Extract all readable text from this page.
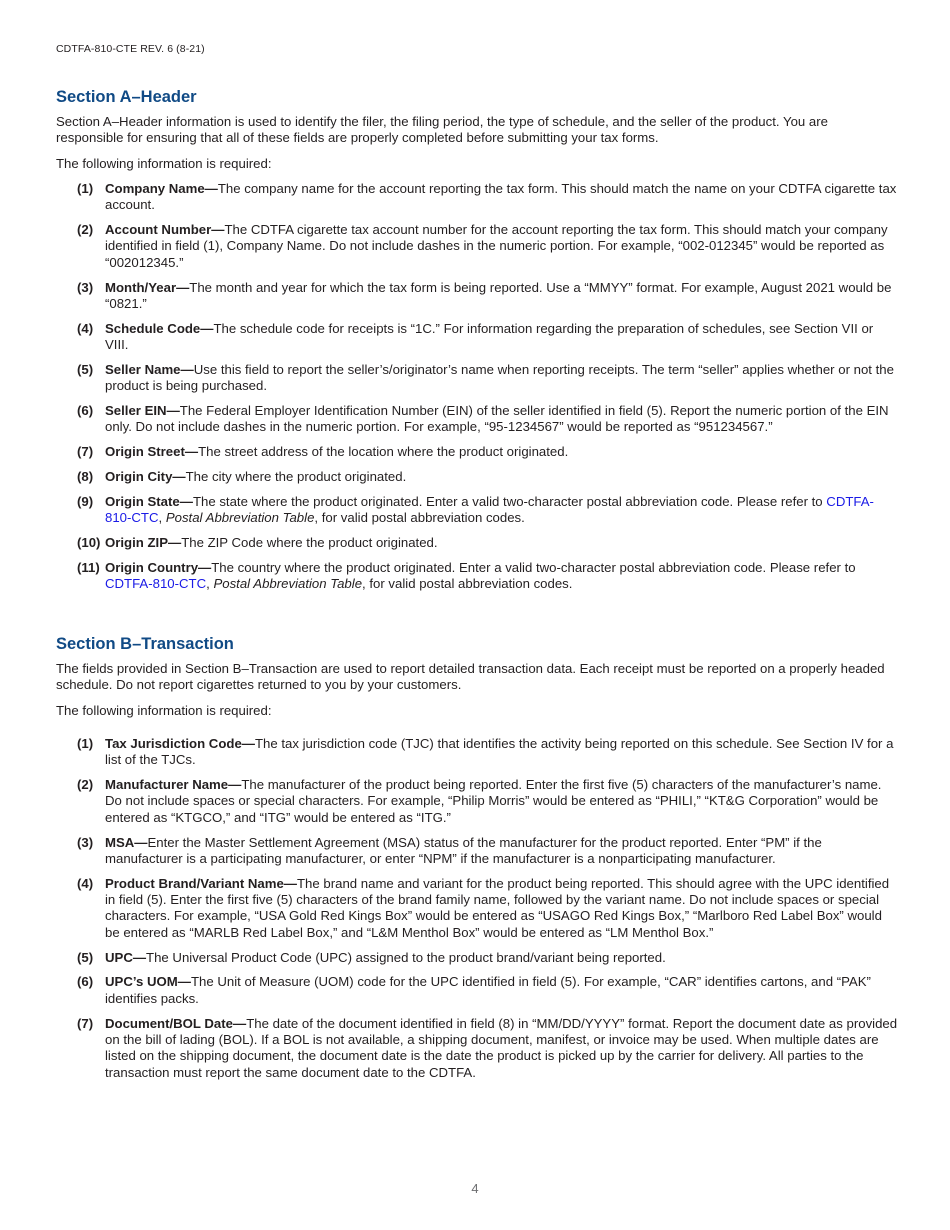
CDTFA-810-CTE REV. 6 (8-21)
Section A–Header

Section A–Header information is used to identify the filer, the filing period, the type of schedule, and the seller of the product. You are responsible for ensuring that all of these fields are properly completed before submitting your tax forms.

The following information is required:

(1) Company Name—The company name for the account reporting the tax form. This should match the name on your CDTFA cigarette tax account.
(2) Account Number—The CDTFA cigarette tax account number for the account reporting the tax form. This should match your company identified in field (1), Company Name. Do not include dashes in the numeric portion. For example, “002-012345” would be reported as “002012345.”
(3) Month/Year—The month and year for which the tax form is being reported. Use a “MMYY” format. For example, August 2021 would be “0821.”
(4) Schedule Code—The schedule code for receipts is “1C.” For information regarding the preparation of schedules, see Section VII or VIII.
(5) Seller Name—Use this field to report the seller’s/originator’s name when reporting receipts. The term “seller” applies whether or not the product is being purchased.
(6) Seller EIN—The Federal Employer Identification Number (EIN) of the seller identified in field (5). Report the numeric portion of the EIN only. Do not include dashes in the numeric portion. For example, “95-1234567” would be reported as “951234567.”
(7) Origin Street—The street address of the location where the product originated.
(8) Origin City—The city where the product originated.
(9) Origin State—The state where the product originated. Enter a valid two-character postal abbreviation code. Please refer to CDTFA-810-CTC, Postal Abbreviation Table, for valid postal abbreviation codes.
(10) Origin ZIP—The ZIP Code where the product originated.
(11) Origin Country—The country where the product originated. Enter a valid two-character postal abbreviation code. Please refer to CDTFA-810-CTC, Postal Abbreviation Table, for valid postal abbreviation codes.
Section B–Transaction

The fields provided in Section B–Transaction are used to report detailed transaction data. Each receipt must be reported on a properly headed schedule. Do not report cigarettes returned to you by your customers.

The following information is required:

(1) Tax Jurisdiction Code—The tax jurisdiction code (TJC) that identifies the activity being reported on this schedule. See Section IV for a list of the TJCs.
(2) Manufacturer Name—The manufacturer of the product being reported. Enter the first five (5) characters of the manufacturer’s name. Do not include spaces or special characters. For example, “Philip Morris” would be entered as “PHILI,” “KT&G Corporation” would be entered as “KTGCO,” and “ITG” would be entered as “ITG.”
(3) MSA—Enter the Master Settlement Agreement (MSA) status of the manufacturer for the product reported. Enter “PM” if the manufacturer is a participating manufacturer, or enter “NPM” if the manufacturer is a nonparticipating manufacturer.
(4) Product Brand/Variant Name—The brand name and variant for the product being reported. This should agree with the UPC identified in field (5). Enter the first five (5) characters of the brand family name, followed by the variant name. Do not include spaces or special characters. For example, “USA Gold Red Kings Box” would be entered as “USAGO Red Kings Box,” “Marlboro Red Label Box” would be entered as “MARLB Red Label Box,” and “L&M Menthol Box” would be entered as “LM Menthol Box.”
(5) UPC—The Universal Product Code (UPC) assigned to the product brand/variant being reported.
(6) UPC’s UOM—The Unit of Measure (UOM) code for the UPC identified in field (5). For example, “CAR” identifies cartons, and “PAK” identifies packs.
(7) Document/BOL Date—The date of the document identified in field (8) in “MM/DD/YYYY” format. Report the document date as provided on the bill of lading (BOL). If a BOL is not available, a shipping document, manifest, or invoice may be used. When multiple dates are listed on the shipping document, the document date is the date the product is picked up by the carrier for delivery. All parties to the transaction must report the same document date to the CDTFA.
4
